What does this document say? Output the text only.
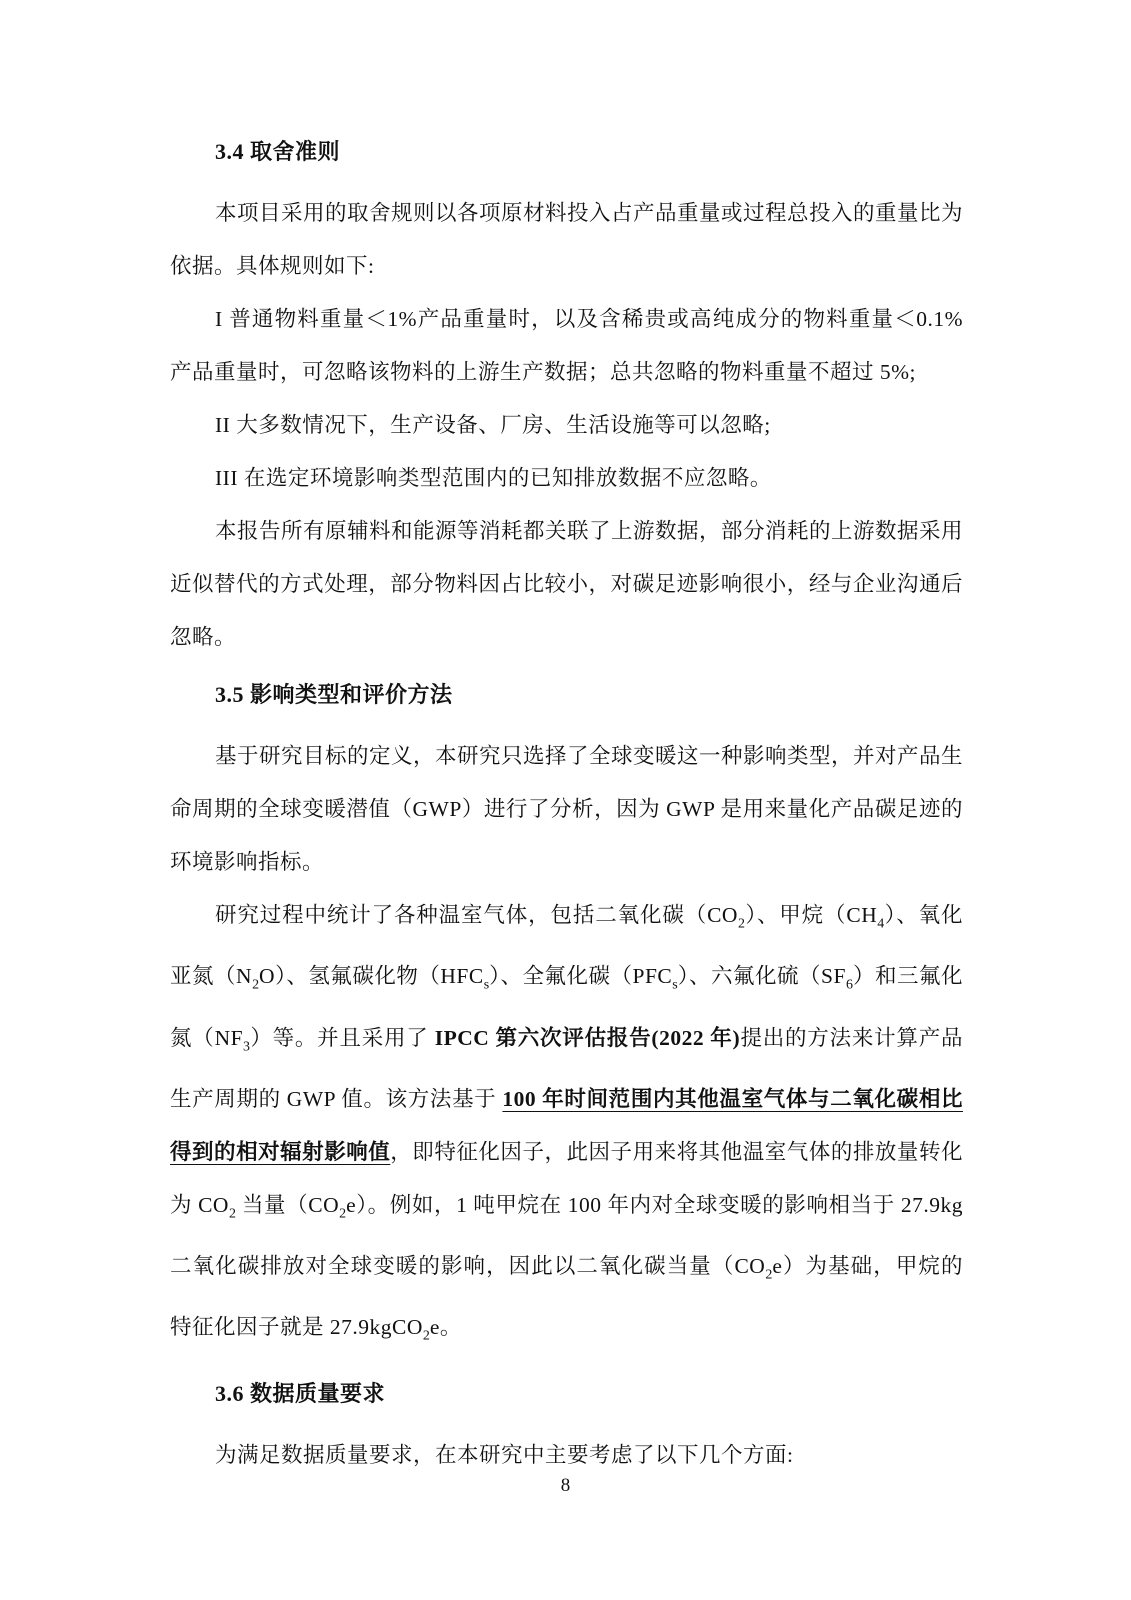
3.4 取舍准则

本项目采用的取舍规则以各项原材料投入占产品重量或过程总投入的重量比为依据。具体规则如下:

I 普通物料重量＜1%产品重量时，以及含稀贵或高纯成分的物料重量＜0.1%产品重量时，可忽略该物料的上游生产数据；总共忽略的物料重量不超过 5%;

II 大多数情况下，生产设备、厂房、生活设施等可以忽略;

III 在选定环境影响类型范围内的已知排放数据不应忽略。

本报告所有原辅料和能源等消耗都关联了上游数据，部分消耗的上游数据采用近似替代的方式处理，部分物料因占比较小，对碳足迹影响很小，经与企业沟通后忽略。

3.5 影响类型和评价方法

基于研究目标的定义，本研究只选择了全球变暖这一种影响类型，并对产品生命周期的全球变暖潜值（GWP）进行了分析，因为 GWP 是用来量化产品碳足迹的环境影响指标。

研究过程中统计了各种温室气体，包括二氧化碳$(CO_2)$、甲烷$(CH_4)$、氧化亚氮$(N_2O)$、氢氟碳化物$(HFC_s)$、全氟化碳$(PFC_s)$、六氟化硫$(SF_6)$和三氟化氮$(NF_3)$等。并且采用了 IPCC 第六次评估报告(2022 年)提出的方法来计算产品生产周期的 GWP 值。该方法基于 100 年时间范围内其他温室气体与二氧化碳相比得到的相对辐射影响值，即特征化因子，此因子用来将其他温室气体的排放量转化为 $CO_2$ 当量$(CO_2e)$。例如，1 吨甲烷在 100 年内对全球变暖的影响相当于 27.9kg 二氧化碳排放对全球变暖的影响，因此以二氧化碳当量$(CO_2e)$为基础，甲烷的特征化因子就是 27.9kgCO$_2$e。

3.6 数据质量要求

为满足数据质量要求，在本研究中主要考虑了以下几个方面:

8
